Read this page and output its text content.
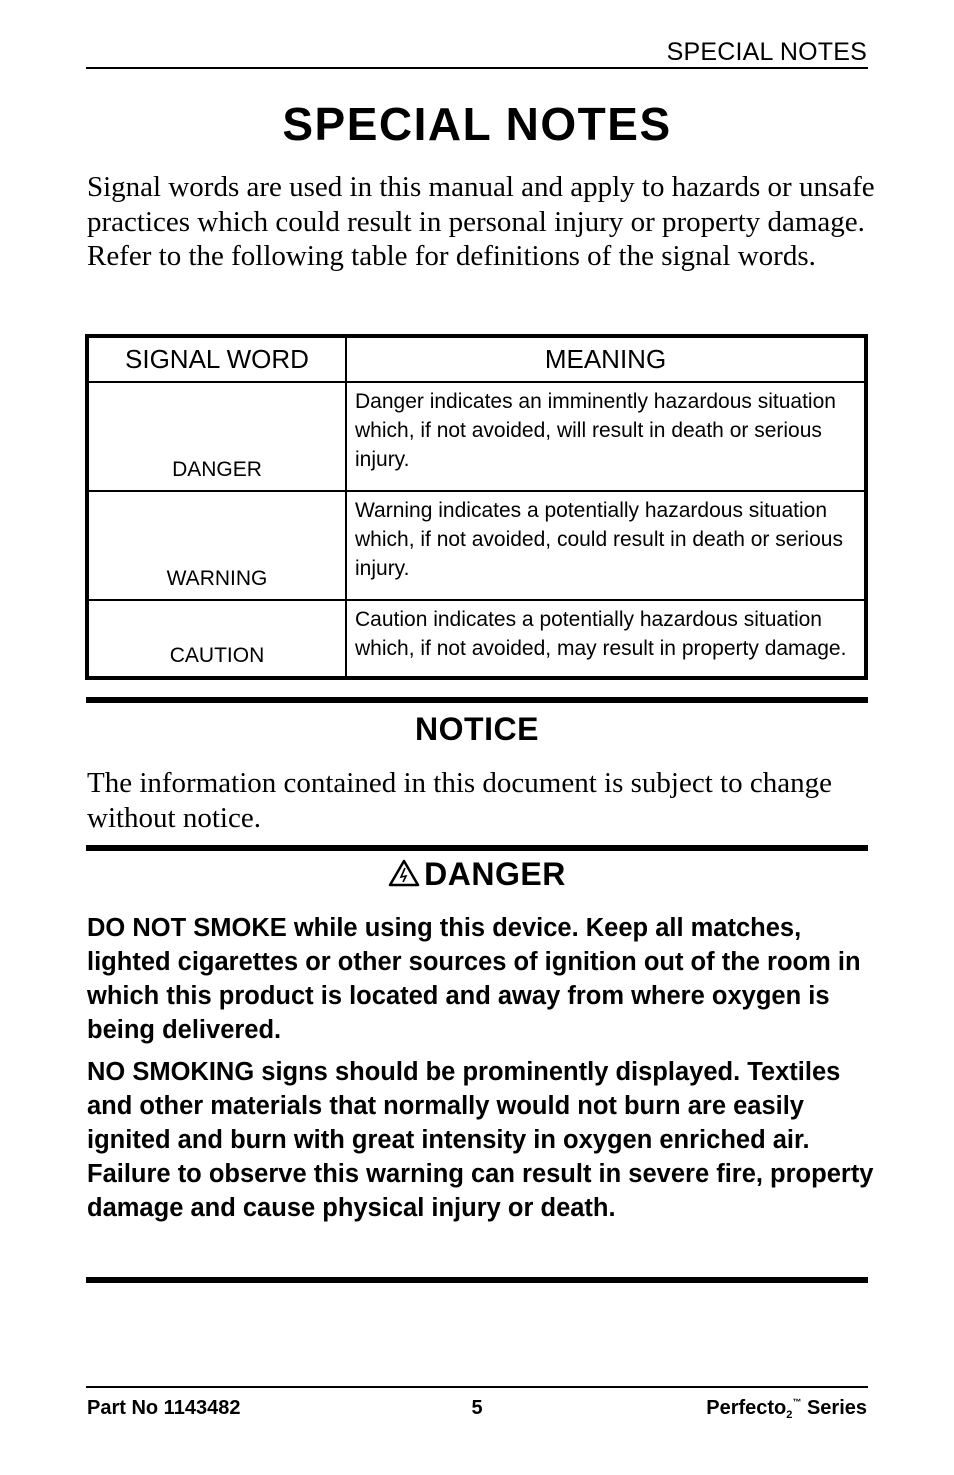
SPECIAL NOTES
SPECIAL NOTES

Signal words are used in this manual and apply to hazards or unsafe practices which could result in personal injury or property damage. Refer to the following table for definitions of the signal words.

SIGNAL WORD	MEANING
DANGER	Danger indicates an imminently hazardous situation which, if not avoided, will result in death or serious injury.
WARNING	Warning indicates a potentially hazardous situation which, if not avoided, could result in death or serious injury.
CAUTION	Caution indicates a potentially hazardous situation which, if not avoided, may result in property damage.
NOTICE

The information contained in this document is subject to change without notice.

DANGER

DO NOT SMOKE while using this device. Keep all matches, lighted cigarettes or other sources of ignition out of the room in which this product is located and away from where oxygen is being delivered.

NO SMOKING signs should be prominently displayed. Textiles and other materials that normally would not burn are easily ignited and burn with great intensity in oxygen enriched air. Failure to observe this warning can result in severe fire, property damage and cause physical injury or death.

Part No 1143482	5	Perfecto$_2$™ Series
